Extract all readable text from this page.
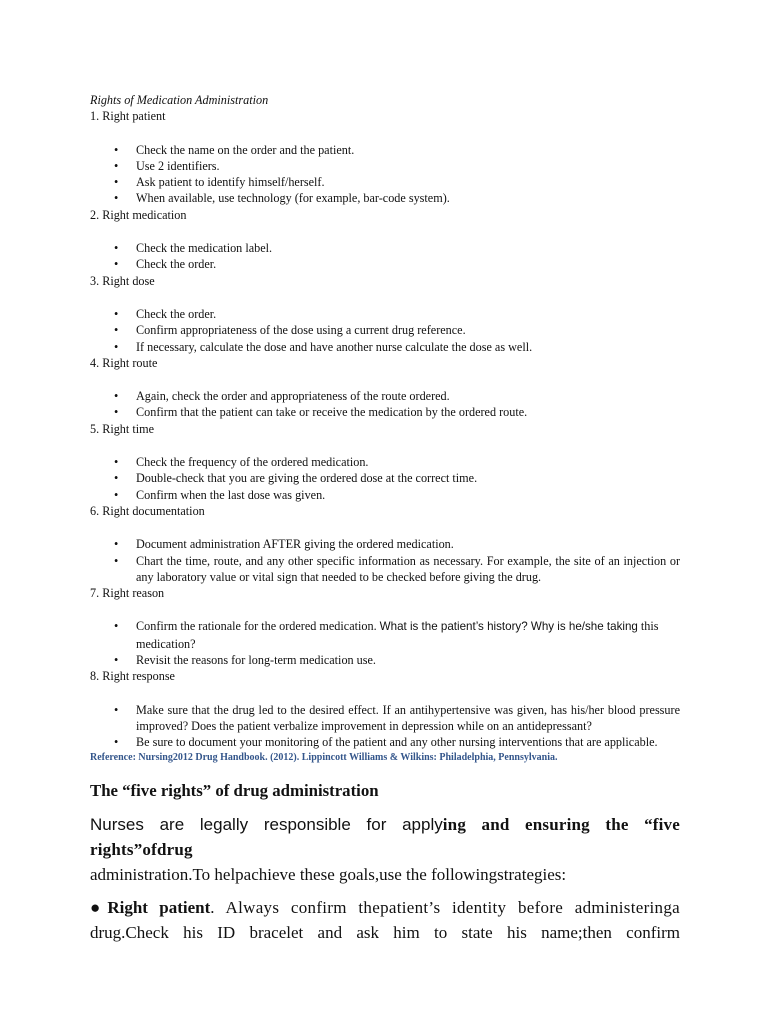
Rights of Medication Administration

1. Right patient
• Check the name on the order and the patient.
• Use 2 identifiers.
• Ask patient to identify himself/herself.
• When available, use technology (for example, bar-code system).
2. Right medication
• Check the medication label.
• Check the order.
3. Right dose
• Check the order.
• Confirm appropriateness of the dose using a current drug reference.
• If necessary, calculate the dose and have another nurse calculate the dose as well.
4. Right route
• Again, check the order and appropriateness of the route ordered.
• Confirm that the patient can take or receive the medication by the ordered route.
5. Right time
• Check the frequency of the ordered medication.
• Double-check that you are giving the ordered dose at the correct time.
• Confirm when the last dose was given.
6. Right documentation
• Document administration AFTER giving the ordered medication.
• Chart the time, route, and any other specific information as necessary. For example, the site of an injection or any laboratory value or vital sign that needed to be checked before giving the drug.
7. Right reason
• Confirm the rationale for the ordered medication. What is the patient’s history? Why is he/she taking this medication?
• Revisit the reasons for long-term medication use.
8. Right response
• Make sure that the drug led to the desired effect. If an antihypertensive was given, has his/her blood pressure improved? Does the patient verbalize improvement in depression while on an antidepressant?
• Be sure to document your monitoring of the patient and any other nursing interventions that are applicable.
Reference: Nursing2012 Drug Handbook. (2012). Lippincott Williams & Wilkins: Philadelphia, Pennsylvania.
The “five rights” of drug administration

Nurses are legally responsible for applying and ensuring the “five rights”ofdrug

administration.To helpachieve these goals,use the followingstrategies:

●Right patient. Always confirm thepatient’s identity before administeringa

drug.Check his ID bracelet and ask him to state his name;then confirm
